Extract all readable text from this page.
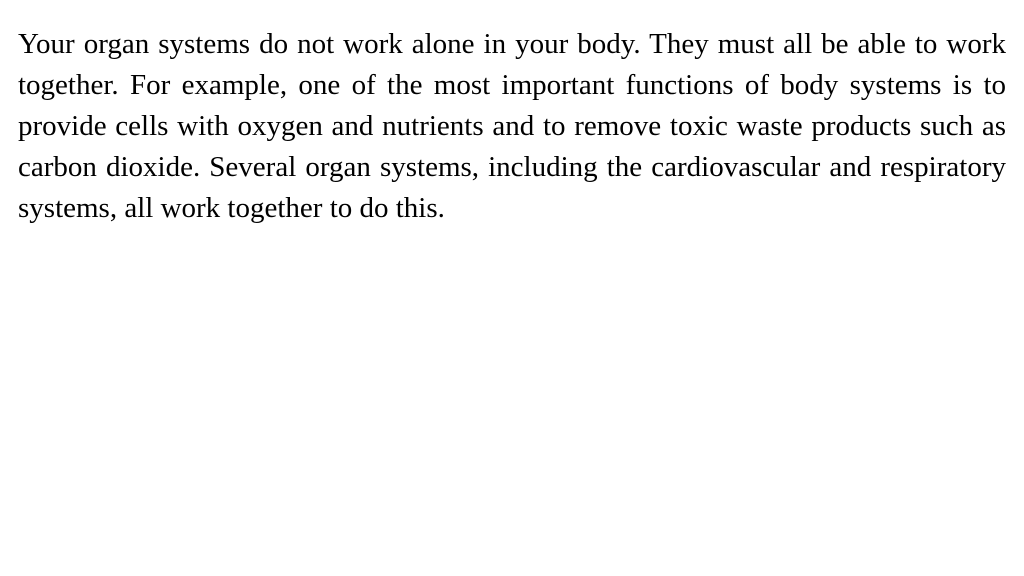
Your organ systems do not work alone in your body. They must all be able to work together. For example, one of the most important functions of body systems is to provide cells with oxygen and nutrients and to remove toxic waste products such as carbon dioxide. Several organ systems, including the cardiovascular and respiratory systems, all work together to do this.
